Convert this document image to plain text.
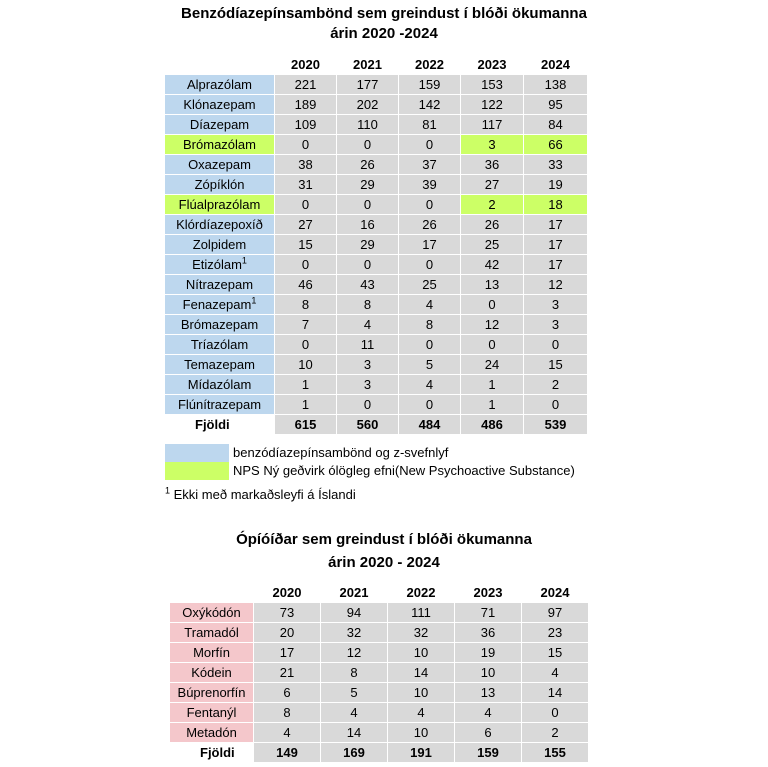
Benzódíazepínsambönd sem greindust í blóði ökumanna
árin 2020 -2024
	2020	2021	2022	2023	2024
Alprazólam	221	177	159	153	138
Klónazepam	189	202	142	122	95
Díazepam	109	110	81	117	84
Brómazólam	0	0	0	3	66
Oxazepam	38	26	37	36	33
Zópíklón	31	29	39	27	19
Flúalprazólam	0	0	0	2	18
Klórdíazepoxíð	27	16	26	26	17
Zolpidem	15	29	17	25	17
Etizólam$^1$	0	0	0	42	17
Nítrazepam	46	43	25	13	12
Fenazepam$^1$	8	8	4	0	3
Brómazepam	7	4	8	12	3
Tríazólam	0	11	0	0	0
Temazepam	10	3	5	24	15
Mídazólam	1	3	4	1	2
Flúnítrazepam	1	0	0	1	0
Fjöldi	615	560	484	486	539
benzódíazepínsambönd og z-svefnlyf
NPS Ný geðvirk ólögleg efni(New Psychoactive Substance)
$^1$ Ekki með markaðsleyfi á Íslandi
Ópíóíðar sem greindust í blóði ökumanna
árin 2020 - 2024
	2020	2021	2022	2023	2024
Oxýkódón	73	94	111	71	97
Tramadól	20	32	32	36	23
Morfín	17	12	10	19	15
Kódein	21	8	14	10	4
Búprenorfín	6	5	10	13	14
Fentanýl	8	4	4	4	0
Metadón	4	14	10	6	2
Fjöldi	149	169	191	159	155
